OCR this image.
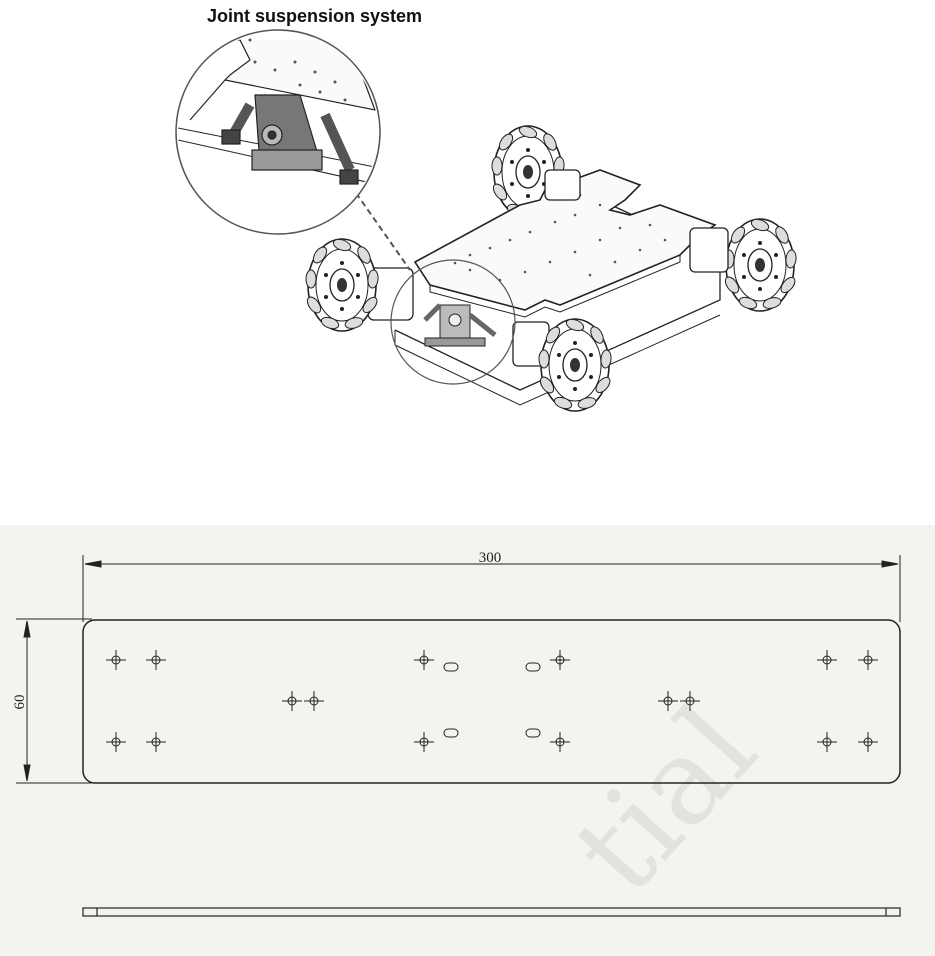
Joint suspension system
tial
300
60
